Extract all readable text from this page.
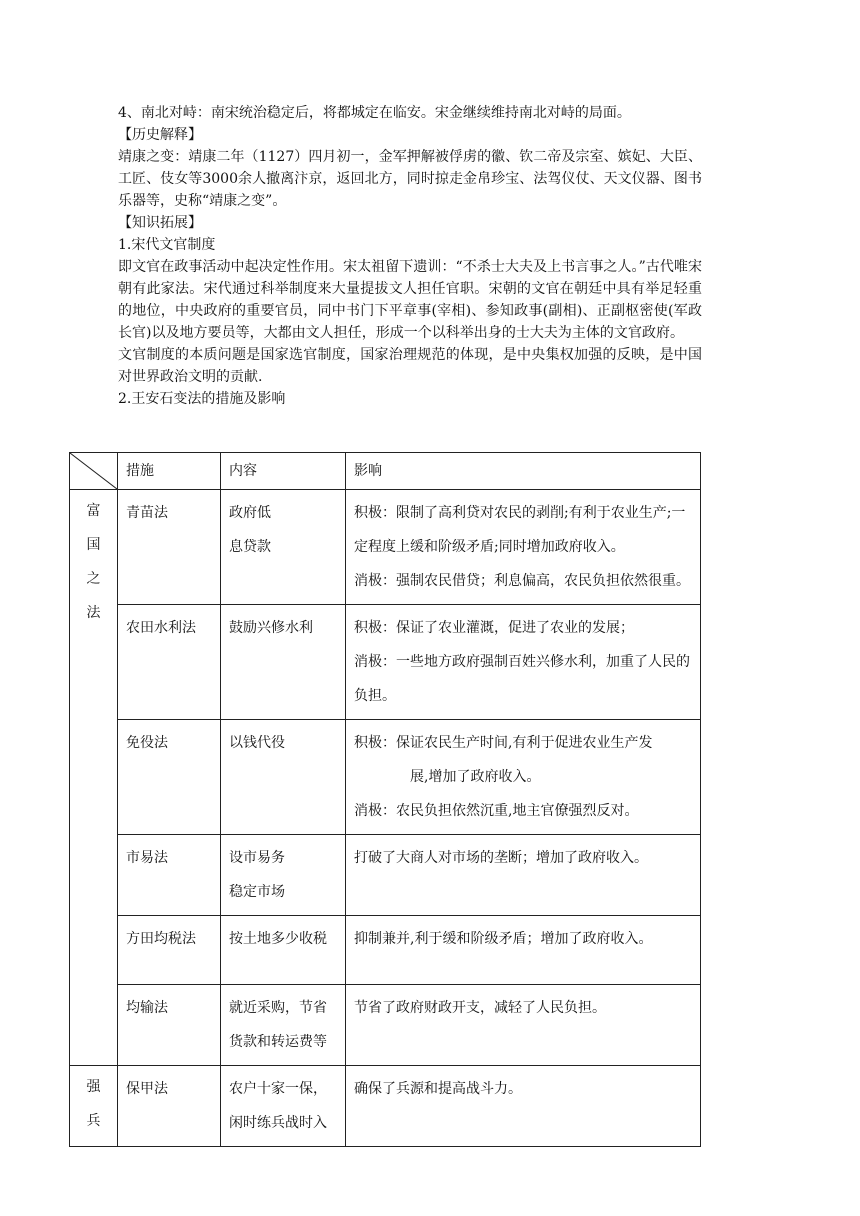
4、南北对峙：南宋统治稳定后，将都城定在临安。宋金继续维持南北对峙的局面。

【历史解释】

靖康之变：靖康二年（1127）四月初一，金军押解被俘虏的徽、钦二帝及宗室、嫔妃、大臣、工匠、伎女等3000余人撤离汴京，返回北方，同时掠走金帛珍宝、法驾仪仗、天文仪器、图书乐器等，史称“靖康之变”。

【知识拓展】

1.宋代文官制度

即文官在政事活动中起决定性作用。宋太祖留下遗训：“不杀士大夫及上书言事之人。”古代唯宋朝有此家法。宋代通过科举制度来大量提拔文人担任官职。宋朝的文官在朝廷中具有举足轻重的地位，中央政府的重要官员，同中书门下平章事(宰相)、参知政事(副相)、正副枢密使(军政长官)以及地方要员等，大都由文人担任，形成一个以科举出身的士大夫为主体的文官政府。文官制度的本质问题是国家选官制度，国家治理规范的体现，是中央集权加强的反映，是中国对世界政治文明的贡献.

2.王安石变法的措施及影响

	措施	内容	影响

富
国
之
法	青苗法	政府低
息贷款	积极：限制了高利贷对农民的剥削;有利于农业生产;一定程度上缓和阶级矛盾;同时增加政府收入。
消极：强制农民借贷；利息偏高，农民负担依然很重。

	农田水利法	鼓励兴修水利	积极：保证了农业灌溉，促进了农业的发展；
消极：一些地方政府强制百姓兴修水利，加重了人民的负担。

	免役法	以钱代役	积极：保证农民生产时间,有利于促进农业生产发
展,增加了政府收入。
消极：农民负担依然沉重,地主官僚强烈反对。

	市易法	设市易务
稳定市场	打破了大商人对市场的垄断；增加了政府收入。

	方田均税法	按土地多少收税	抑制兼并,利于缓和阶级矛盾；增加了政府收入。

	均输法	就近采购，节省
货款和转运费等	节省了政府财政开支，减轻了人民负担。

强
兵	保甲法	农户十家一保，
闲时练兵战时入	确保了兵源和提高战斗力。
